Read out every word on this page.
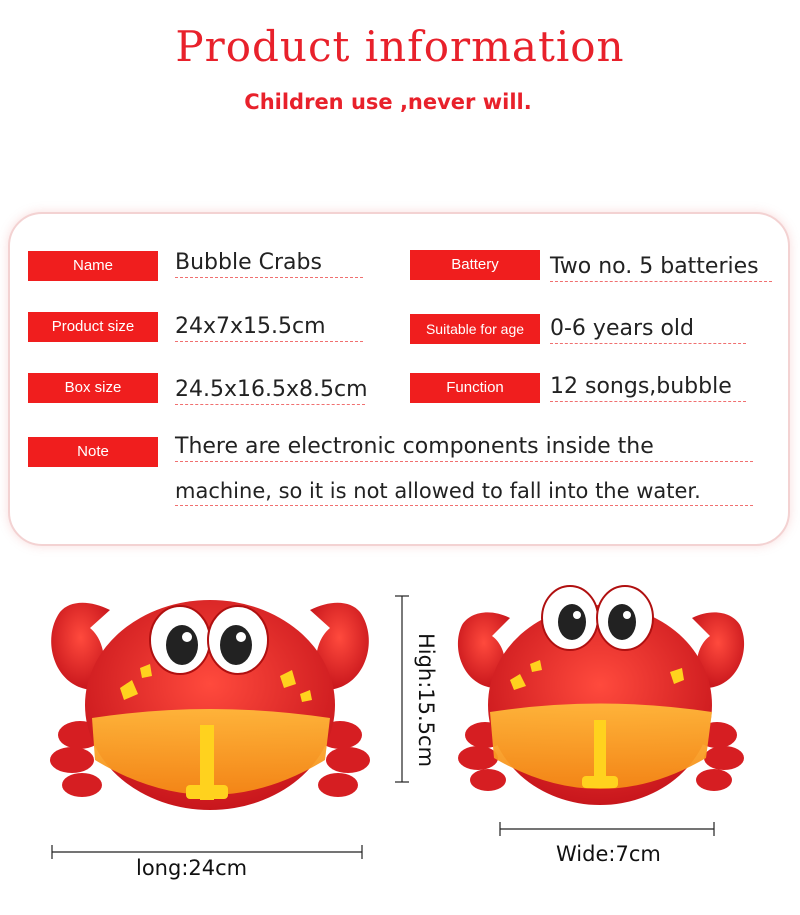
Product information
Children use ,never will.
Name	Bubble Crabs	Battery	Two no. 5 batteries
Product size	24x7x15.5cm	Suitable for age	0-6 years old
Box size	24.5x16.5x8.5cm	Function	12 songs,bubble
Note	There are electronic components inside the
machine, so it is not allowed to fall into the water.
High:15.5cm
long:24cm
Wide:7cm
